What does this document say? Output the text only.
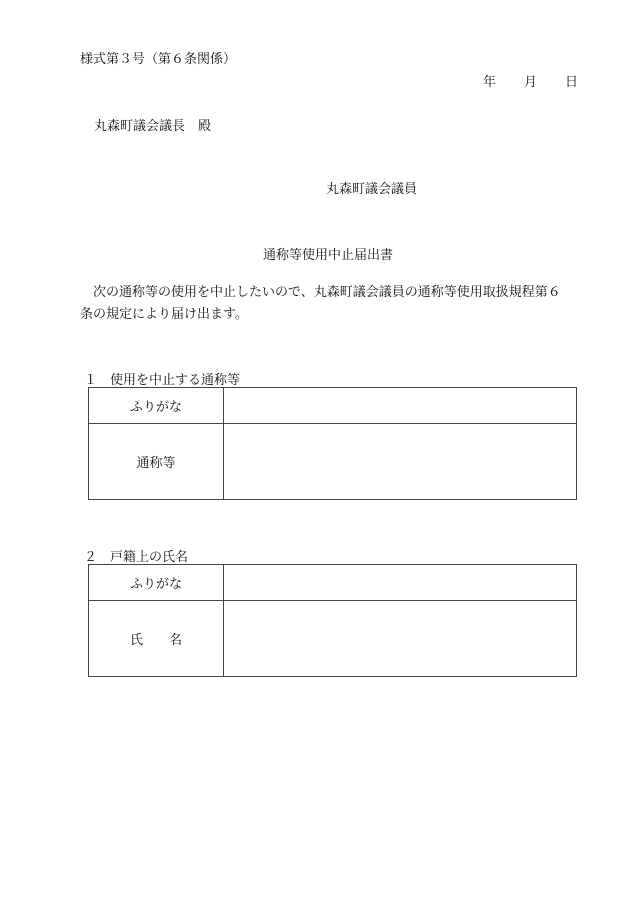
様式第３号（第６条関係）
年 月 日
丸森町議会議長　殿
丸森町議会議員
通称等使用中止届出書
次の通称等の使用を中止したいので、丸森町議会議員の通称等使用取扱規程第６
条の規定により届け出ます。
１　使用を中止する通称等
ふりがな	
通称等	
２　戸籍上の氏名
ふりがな	
氏 名	
